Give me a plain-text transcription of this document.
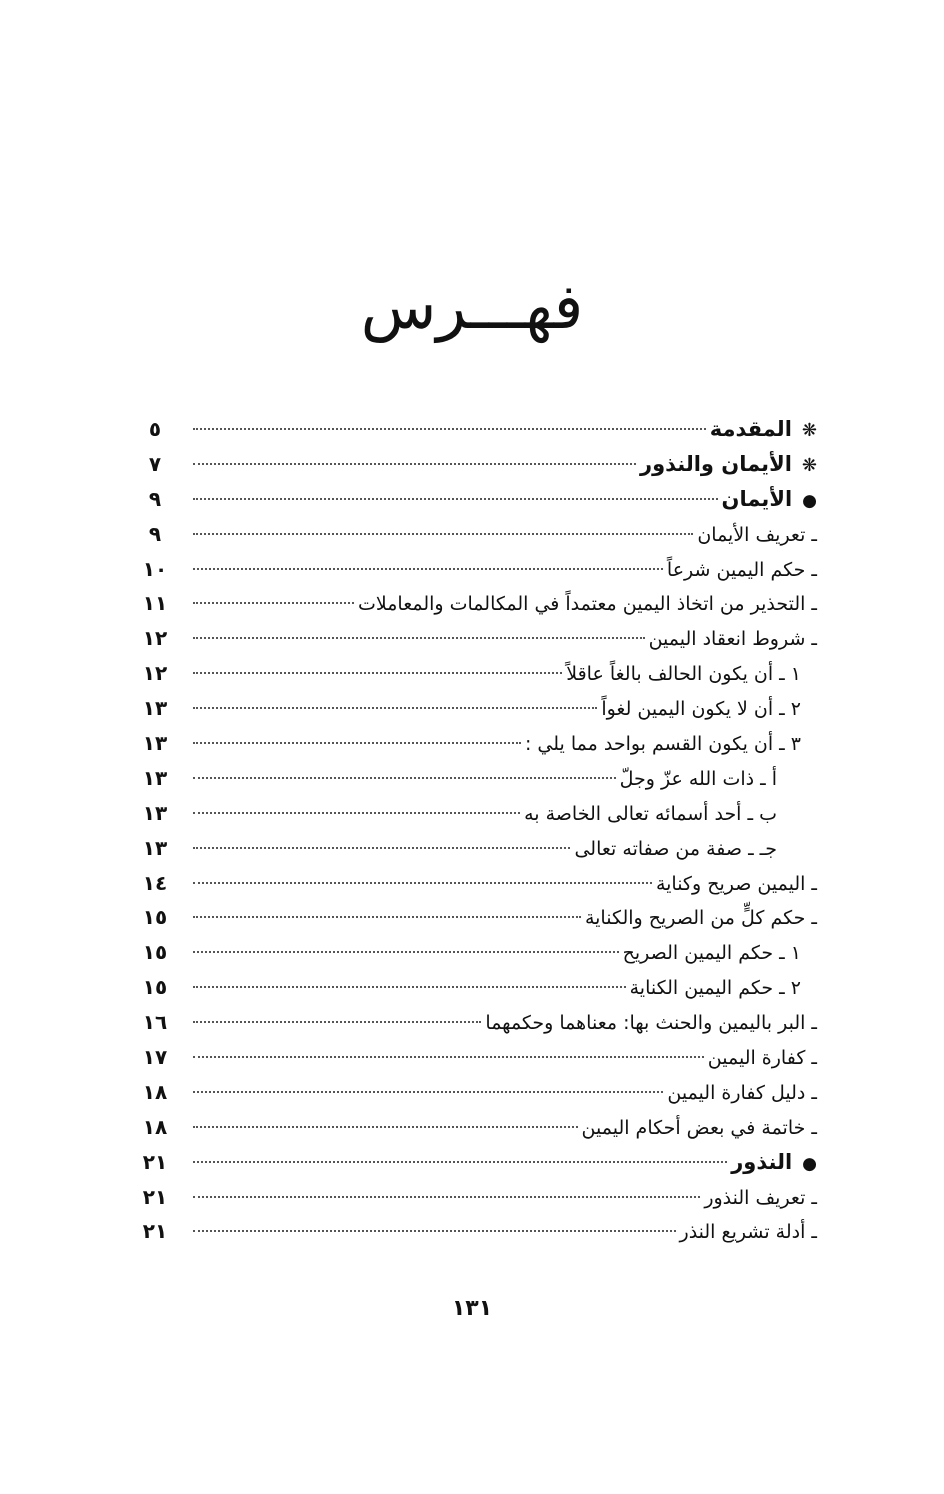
فهـــرس
❋المقدمة
٥
❋الأيمان والنذور
٧
●الأيمان
٩
ـ تعريف الأيمان
٩
ـ حكم اليمين شرعاً
١٠
ـ التحذير من اتخاذ اليمين معتمداً في المكالمات والمعاملات
١١
ـ شروط انعقاد اليمين
١٢
١ ـ أن يكون الحالف بالغاً عاقلاً
١٢
٢ ـ أن لا يكون اليمين لغواً
١٣
٣ ـ أن يكون القسم بواحد مما يلي :
١٣
أ ـ ذات الله عزّ وجلّ
١٣
ب ـ أحد أسمائه تعالى الخاصة به
١٣
جـ ـ صفة من صفاته تعالى
١٣
ـ اليمين صريح وكناية
١٤
ـ حكم كلٍّ من الصريح والكناية
١٥
١ ـ حكم اليمين الصريح
١٥
٢ ـ حكم اليمين الكناية
١٥
ـ البر باليمين والحنث بها: معناهما وحكمهما
١٦
ـ كفارة اليمين
١٧
ـ دليل كفارة اليمين
١٨
ـ خاتمة في بعض أحكام اليمين
١٨
●النذور
٢١
ـ تعريف النذور
٢١
ـ أدلة تشريع النذر
٢١
١٣١
